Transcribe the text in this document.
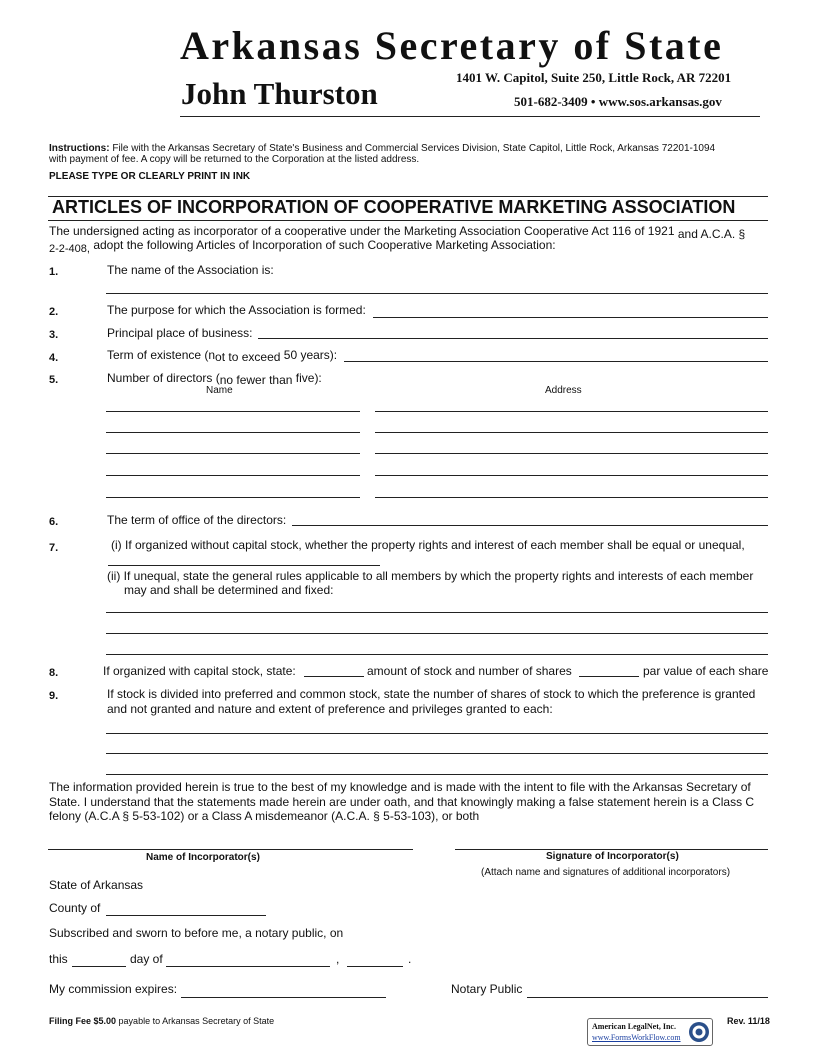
Arkansas Secretary of State
John Thurston	1401 W. Capitol, Suite 250, Little Rock, AR 72201
501-682-3409 • www.sos.arkansas.gov
Instructions: File with the Arkansas Secretary of State's Business and Commercial Services Division, State Capitol, Little Rock, Arkansas 72201-1094
with payment of fee. A copy will be returned to the Corporation at the listed address.
PLEASE TYPE OR CLEARLY PRINT IN INK
ARTICLES OF INCORPORATION OF COOPERATIVE MARKETING ASSOCIATION
The undersigned acting as incorporator of a cooperative under the Marketing Association Cooperative Act 116 of 1921 and A.C.A. §
2-2-408, adopt the following Articles of Incorporation of such Cooperative Marketing Association:
1.	The name of the Association is:
2.	The purpose for which the Association is formed:
3.	Principal place of business:
4.	Term of existence (not to exceed 50 years):
5.	Number of directors (no fewer than five):
Name	Address
6.	The term of office of the directors:
7.	(i) If organized without capital stock, whether the property rights and interest of each member shall be equal or unequal,
(ii) If unequal, state the general rules applicable to all members by which the property rights and interests of each member
may and shall be determined and fixed:
8.	If organized with capital stock, state:	amount of stock and number of shares	par value of each share
9.	If stock is divided into preferred and common stock, state the number of shares of stock to which the preference is granted
and not granted and nature and extent of preference and privileges granted to each:
The information provided herein is true to the best of my knowledge and is made with the intent to file with the Arkansas Secretary of
State. I understand that the statements made herein are under oath, and that knowingly making a false statement herein is a Class C
felony (A.C.A § 5-53-102) or a Class A misdemeanor (A.C.A. § 5-53-103), or both
Name of Incorporator(s)	Signature of Incorporator(s)
(Attach name and signatures of additional incorporators)
State of Arkansas
County of
Subscribed and sworn to before me, a notary public, on
this	day of	,	.
My commission expires:	Notary Public
Filing Fee $5.00 payable to Arkansas Secretary of State
American LegalNet, Inc.
www.FormsWorkFlow.com
Rev. 11/18
